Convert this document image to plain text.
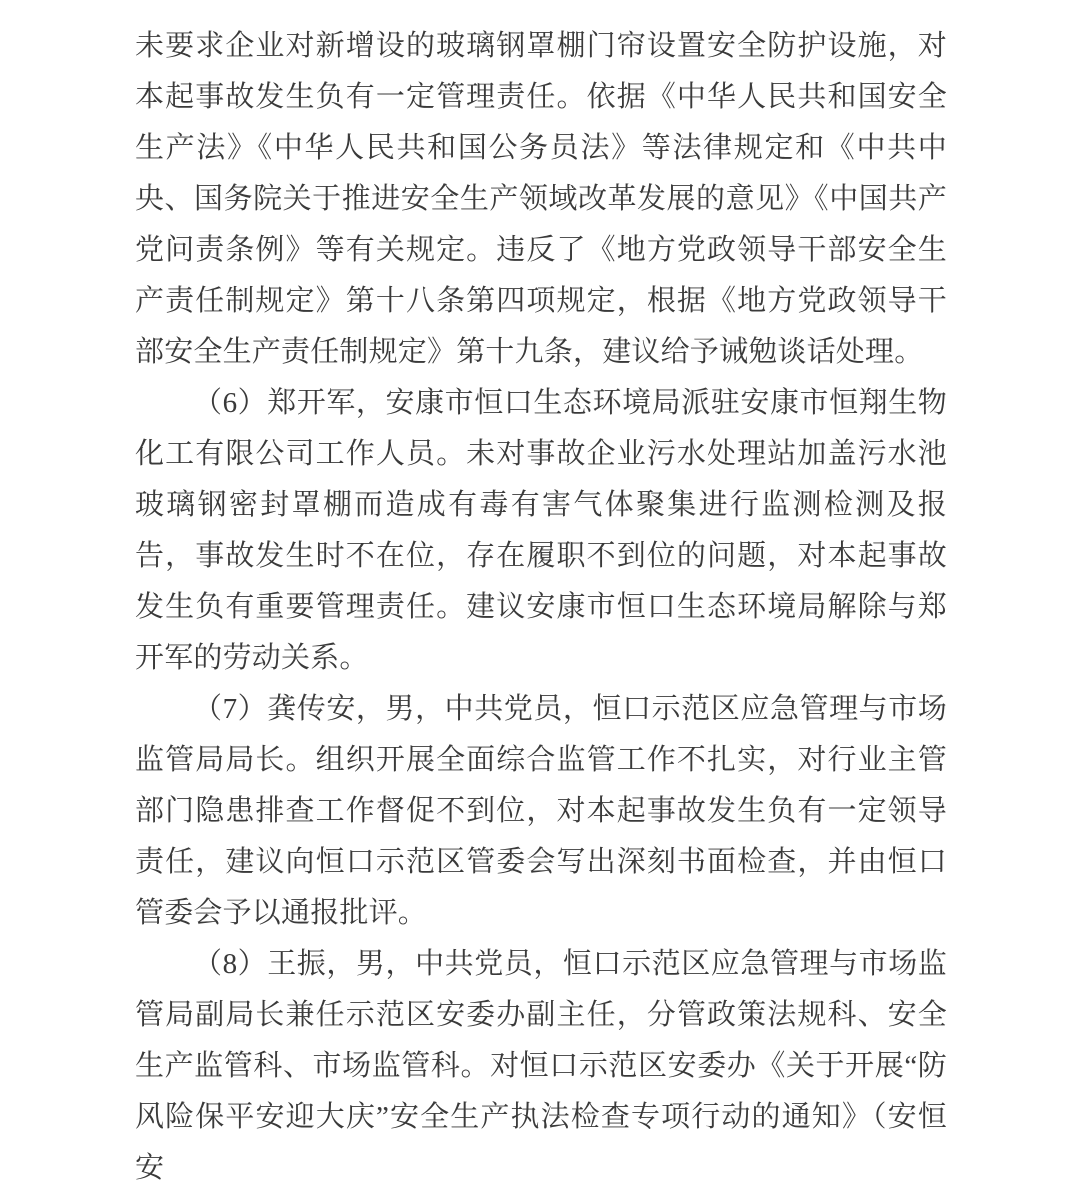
未要求企业对新增设的玻璃钢罩棚门帘设置安全防护设施，对本起事故发生负有一定管理责任。依据《中华人民共和国安全生产法》《中华人民共和国公务员法》等法律规定和《中共中央、国务院关于推进安全生产领域改革发展的意见》《中国共产党问责条例》等有关规定。违反了《地方党政领导干部安全生产责任制规定》第十八条第四项规定，根据《地方党政领导干部安全生产责任制规定》第十九条，建议给予诫勉谈话处理。

（6）郑开军，安康市恒口生态环境局派驻安康市恒翔生物化工有限公司工作人员。未对事故企业污水处理站加盖污水池玻璃钢密封罩棚而造成有毒有害气体聚集进行监测检测及报告，事故发生时不在位，存在履职不到位的问题，对本起事故发生负有重要管理责任。建议安康市恒口生态环境局解除与郑开军的劳动关系。

（7）龚传安，男，中共党员，恒口示范区应急管理与市场监管局局长。组织开展全面综合监管工作不扎实，对行业主管部门隐患排查工作督促不到位，对本起事故发生负有一定领导责任，建议向恒口示范区管委会写出深刻书面检查，并由恒口管委会予以通报批评。

（8）王振，男，中共党员，恒口示范区应急管理与市场监管局副局长兼任示范区安委办副主任，分管政策法规科、安全生产监管科、市场监管科。对恒口示范区安委办《关于开展“防风险保平安迎大庆”安全生产执法检查专项行动的通知》（安恒安
